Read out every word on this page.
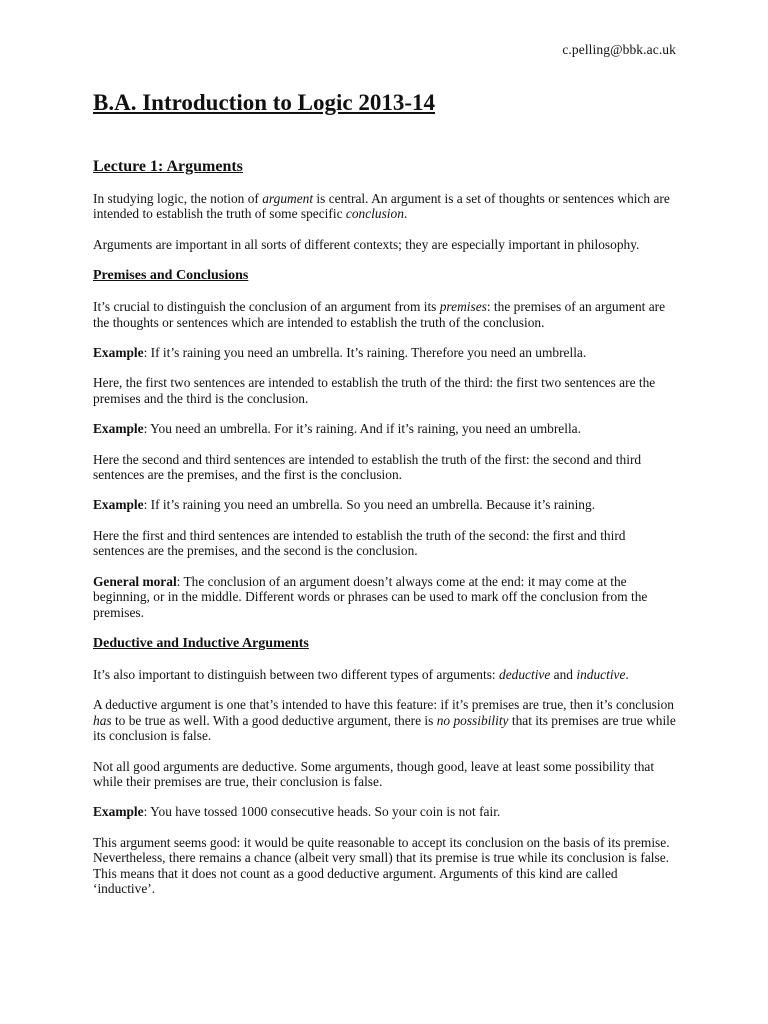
c.pelling@bbk.ac.uk
B.A. Introduction to Logic 2013-14
Lecture 1: Arguments

In studying logic, the notion of argument is central. An argument is a set of thoughts or sentences which are intended to establish the truth of some specific conclusion.

Arguments are important in all sorts of different contexts; they are especially important in philosophy.

Premises and Conclusions

It’s crucial to distinguish the conclusion of an argument from its premises: the premises of an argument are the thoughts or sentences which are intended to establish the truth of the conclusion.

Example: If it’s raining you need an umbrella. It’s raining. Therefore you need an umbrella.

Here, the first two sentences are intended to establish the truth of the third: the first two sentences are the premises and the third is the conclusion.

Example: You need an umbrella. For it’s raining. And if it’s raining, you need an umbrella.

Here the second and third sentences are intended to establish the truth of the first: the second and third sentences are the premises, and the first is the conclusion.

Example: If it’s raining you need an umbrella. So you need an umbrella. Because it’s raining.

Here the first and third sentences are intended to establish the truth of the second: the first and third sentences are the premises, and the second is the conclusion.

General moral: The conclusion of an argument doesn’t always come at the end: it may come at the beginning, or in the middle. Different words or phrases can be used to mark off the conclusion from the premises.

Deductive and Inductive Arguments

It’s also important to distinguish between two different types of arguments: deductive and inductive.

A deductive argument is one that’s intended to have this feature: if it’s premises are true, then it’s conclusion has to be true as well. With a good deductive argument, there is no possibility that its premises are true while its conclusion is false.

Not all good arguments are deductive. Some arguments, though good, leave at least some possibility that while their premises are true, their conclusion is false.

Example: You have tossed 1000 consecutive heads. So your coin is not fair.

This argument seems good: it would be quite reasonable to accept its conclusion on the basis of its premise. Nevertheless, there remains a chance (albeit very small) that its premise is true while its conclusion is false. This means that it does not count as a good deductive argument. Arguments of this kind are called ‘inductive’.
